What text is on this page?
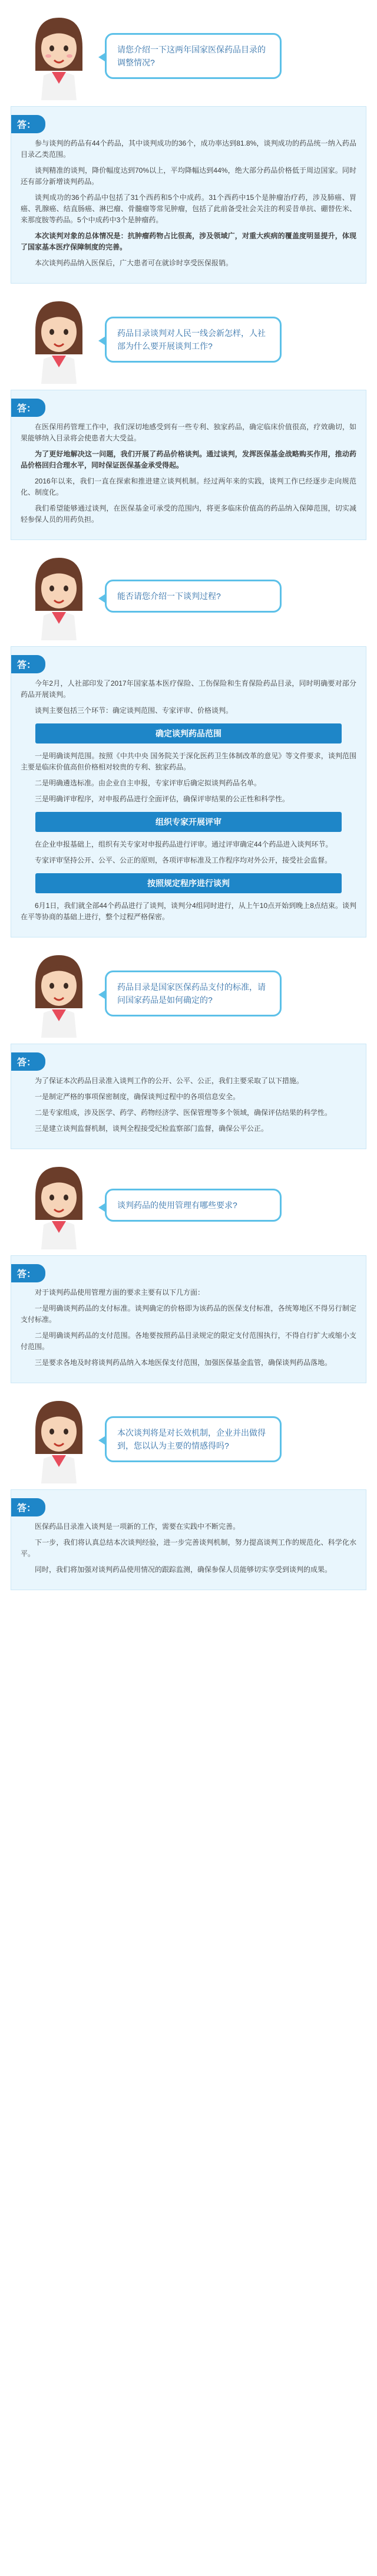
请您介绍一下这两年国家医保药品目录的调整情况?
答：

参与谈判的药品有44个药品，其中谈判成功的36个，成功率达到81.8%，谈判成功的药品统一纳入药品目录乙类范围。

谈判精准的谈判，降价幅度达到70%以上，平均降幅达到44%，绝大部分药品价格低于周边国家。同时还有部分新增谈判药品。

谈判成功的36个药品中包括了31个西药和5个中成药。31个西药中15个是肿瘤治疗药，涉及肺癌、胃癌、乳腺癌、结直肠癌、淋巴瘤、骨髓瘤等常见肿瘤，包括了此前备受社会关注的利妥昔单抗、硼替佐米、来那度胺等药品。5个中成药中3个是肿瘤药。

本次谈判对象的总体情况是：抗肿瘤药物占比很高，涉及领域广，对重大疾病的覆盖度明显提升，体现了国家基本医疗保障制度的完善。

本次谈判药品纳入医保后，广大患者可在就诊时享受医保报销。

药品目录谈判对人民一线会新怎样，人社部为什么要开展谈判工作?
答：

在医保用药管理工作中，我们深切地感受到有一些专利、独家药品，确定临床价值很高，疗效确切，如果能够纳入目录将会使患者大大受益。

为了更好地解决这一问题，我们开展了药品价格谈判。通过谈判，发挥医保基金战略购买作用，推动药品价格回归合理水平，同时保证医保基金承受得起。

2016年以来，我们一直在探索和推进建立谈判机制。经过两年来的实践，谈判工作已经逐步走向规范化、制度化。

我们希望能够通过谈判，在医保基金可承受的范围内，将更多临床价值高的药品纳入保障范围，切实减轻参保人员的用药负担。

能否请您介绍一下谈判过程?
答：

今年2月，人社部印发了2017年国家基本医疗保险、工伤保险和生育保险药品目录，同时明确要对部分药品开展谈判。

谈判主要包括三个环节：确定谈判范围、专家评审、价格谈判。

确定谈判药品范围

一是明确谈判范围。按照《中共中央 国务院关于深化医药卫生体制改革的意见》等文件要求，谈判范围主要是临床价值高但价格相对较贵的专利、独家药品。

二是明确遴选标准。由企业自主申报，专家评审后确定拟谈判药品名单。

三是明确评审程序，对申报药品进行全面评估，确保评审结果的公正性和科学性。

组织专家开展评审

在企业申报基础上，组织有关专家对申报药品进行评审。通过评审确定44个药品进入谈判环节。

专家评审坚持公开、公平、公正的原则，各项评审标准及工作程序均对外公开，接受社会监督。

按照规定程序进行谈判

6月1日，我们就全部44个药品进行了谈判，谈判分4组同时进行，从上午10点开始到晚上8点结束。谈判在平等协商的基础上进行，整个过程严格保密。

药品目录是国家医保药品支付的标准，请问国家药品是如何确定的?
答：

为了保证本次药品目录准入谈判工作的公开、公平、公正，我们主要采取了以下措施。

一是制定严格的事项保密制度，确保谈判过程中的各项信息安全。

二是专家组成，涉及医学、药学、药物经济学、医保管理等多个领域，确保评估结果的科学性。

三是建立谈判监督机制，谈判全程接受纪检监察部门监督，确保公平公正。

谈判药品的使用管理有哪些要求?
答：

对于谈判药品使用管理方面的要求主要有以下几方面：

一是明确谈判药品的支付标准。谈判确定的价格即为该药品的医保支付标准，各统筹地区不得另行制定支付标准。

二是明确谈判药品的支付范围。各地要按照药品目录规定的限定支付范围执行，不得自行扩大或缩小支付范围。

三是要求各地及时将谈判药品纳入本地医保支付范围，加强医保基金监管，确保谈判药品落地。

本次谈判将是对长效机制，企业并出做得到，您以认为主要的情感得吗?
答：

医保药品目录准入谈判是一项新的工作，需要在实践中不断完善。

下一步，我们将认真总结本次谈判经验，进一步完善谈判机制，努力提高谈判工作的规范化、科学化水平。

同时，我们将加强对谈判药品使用情况的跟踪监测，确保参保人员能够切实享受到谈判的成果。
